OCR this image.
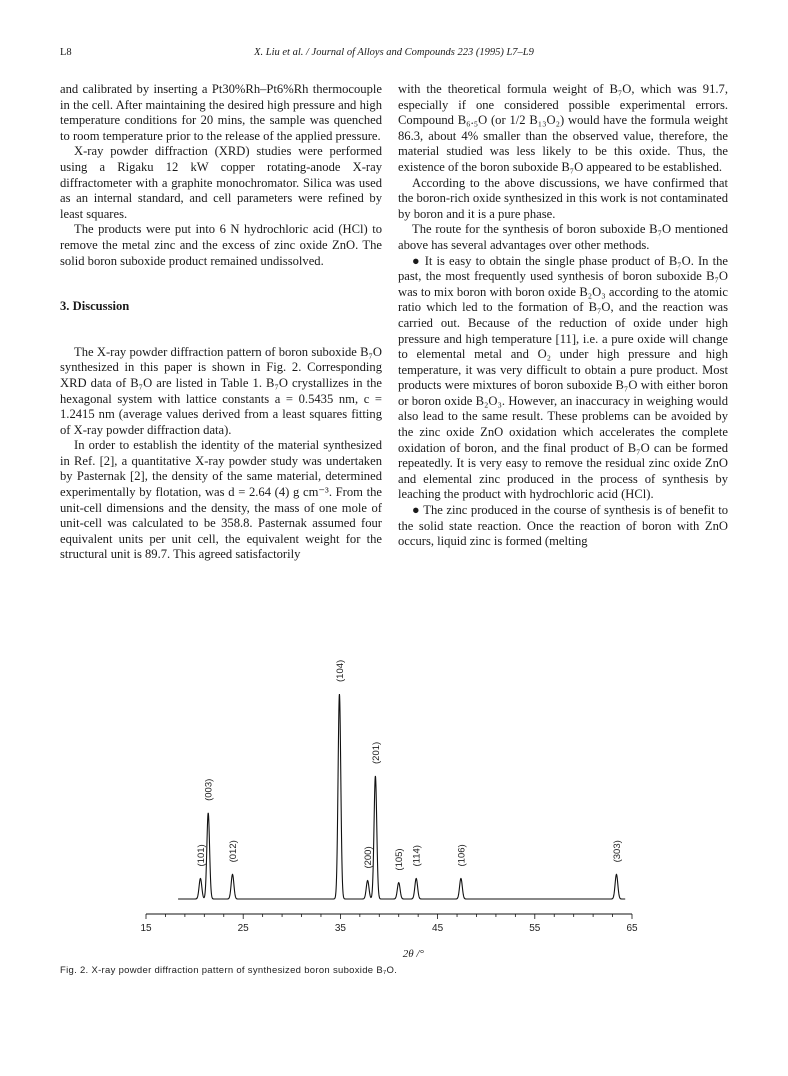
L8	X. Liu et al. / Journal of Alloys and Compounds 223 (1995) L7–L9

and calibrated by inserting a Pt30%Rh–Pt6%Rh thermocouple in the cell. After maintaining the desired high pressure and high temperature conditions for 20 mins, the sample was quenched to room temperature prior to the release of the applied pressure.

X-ray powder diffraction (XRD) studies were performed using a Rigaku 12 kW copper rotating-anode X-ray diffractometer with a graphite monochromator. Silica was used as an internal standard, and cell parameters were refined by least squares.

The products were put into 6 N hydrochloric acid (HCl) to remove the metal zinc and the excess of zinc oxide ZnO. The solid boron suboxide product remained undissolved.

3. Discussion

The X-ray powder diffraction pattern of boron suboxide B₇O synthesized in this paper is shown in Fig. 2. Corresponding XRD data of B₇O are listed in Table 1. B₇O crystallizes in the hexagonal system with lattice constants a = 0.5435 nm, c = 1.2415 nm (average values derived from a least squares fitting of X-ray powder diffraction data).

In order to establish the identity of the material synthesized in Ref. [2], a quantitative X-ray powder study was undertaken by Pasternak [2], the density of the same material, determined experimentally by flotation, was d = 2.64 (4) g cm⁻³. From the unit-cell dimensions and the density, the mass of one mole of unit-cell was calculated to be 358.8. Pasternak assumed four equivalent units per unit cell, the equivalent weight for the structural unit is 89.7. This agreed satisfactorily

with the theoretical formula weight of B₇O, which was 91.7, especially if one considered possible experimental errors. Compound B₆.₅O (or 1/2 B₁₃O₂) would have the formula weight 86.3, about 4% smaller than the observed value, therefore, the material studied was less likely to be this oxide. Thus, the existence of the boron suboxide B₇O appeared to be established.

According to the above discussions, we have confirmed that the boron-rich oxide synthesized in this work is not contaminated by boron and it is a pure phase.

The route for the synthesis of boron suboxide B₇O mentioned above has several advantages over other methods.

● It is easy to obtain the single phase product of B₇O. In the past, the most frequently used synthesis of boron suboxide B₇O was to mix boron with boron oxide B₂O₃ according to the atomic ratio which led to the formation of B₇O, and the reaction was carried out. Because of the reduction of oxide under high pressure and high temperature [11], i.e. a pure oxide will change to elemental metal and O₂ under high pressure and high temperature, it was very difficult to obtain a pure product. Most products were mixtures of boron suboxide B₇O with either boron or boron oxide B₂O₃. However, an inaccuracy in weighing would also lead to the same result. These problems can be avoided by the zinc oxide ZnO oxidation which accelerates the complete oxidation of boron, and the final product of B₇O can be formed repeatedly. It is very easy to remove the residual zinc oxide ZnO and elemental zinc produced in the process of synthesis by leaching the product with hydrochloric acid (HCl).

● The zinc produced in the course of synthesis is of benefit to the solid state reaction. Once the reaction of boron with ZnO occurs, liquid zinc is formed (melting

15	25	35	45	55	65
(101)
(003)
(012)
(104)
(200)
(201)
(105) (114)	(106)	(303)
2θ /°
Fig. 2. X-ray powder diffraction pattern of synthesized boron suboxide B₇O.
